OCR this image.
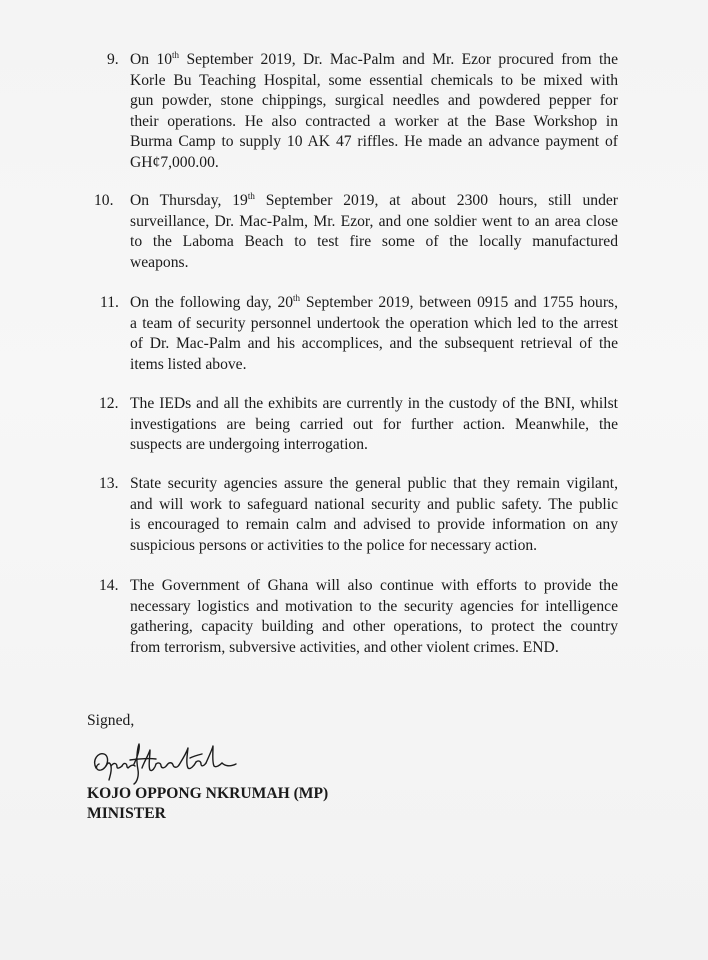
9. On 10th September 2019, Dr. Mac-Palm and Mr. Ezor procured from the
Korle Bu Teaching Hospital, some essential chemicals to be mixed with
gun powder, stone chippings, surgical needles and powdered pepper for
their operations. He also contracted a worker at the Base Workshop in
Burma Camp to supply 10 AK 47 riffles. He made an advance payment of
GH¢7,000.00.
10. On Thursday, 19th September 2019, at about 2300 hours, still under
surveillance, Dr. Mac-Palm, Mr. Ezor, and one soldier went to an area close
to the Laboma Beach to test fire some of the locally manufactured
weapons.
11. On the following day, 20th September 2019, between 0915 and 1755 hours,
a team of security personnel undertook the operation which led to the arrest
of Dr. Mac-Palm and his accomplices, and the subsequent retrieval of the
items listed above.
12. The IEDs and all the exhibits are currently in the custody of the BNI, whilst
investigations are being carried out for further action. Meanwhile, the
suspects are undergoing interrogation.
13. State security agencies assure the general public that they remain vigilant,
and will work to safeguard national security and public safety. The public
is encouraged to remain calm and advised to provide information on any
suspicious persons or activities to the police for necessary action.
14. The Government of Ghana will also continue with efforts to provide the
necessary logistics and motivation to the security agencies for intelligence
gathering, capacity building and other operations, to protect the country
from terrorism, subversive activities, and other violent crimes. END.

Signed,

KOJO OPPONG NKRUMAH (MP)

MINISTER
